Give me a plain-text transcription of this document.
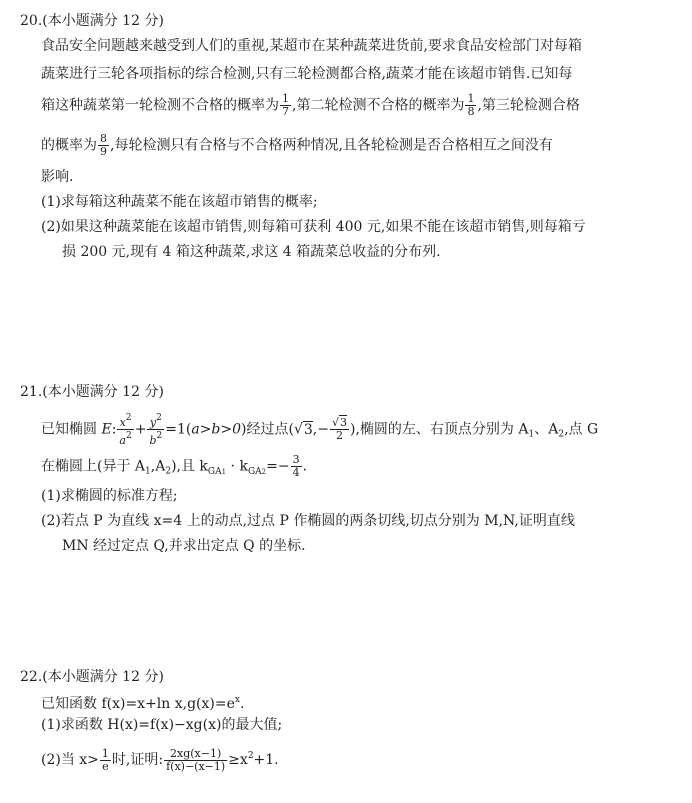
20.(本小题满分 12 分)
食品安全问题越来越受到人们的重视,某超市在某种蔬菜进货前,要求食品安检部门对每箱
蔬菜进行三轮各项指标的综合检测,只有三轮检测都合格,蔬菜才能在该超市销售.已知每
箱这种蔬菜第一轮检测不合格的概率为 $\frac{1}{7}$ ,第二轮检测不合格的概率为 $\frac{1}{8}$ ,第三轮检测合格
的概率为 $\frac{8}{9}$ ,每轮检测只有合格与不合格两种情况,且各轮检测是否合格相互之间没有
影响.
(1)求每箱这种蔬菜不能在该超市销售的概率;
(2)如果这种蔬菜能在该超市销售,则每箱可获利 400 元,如果不能在该超市销售,则每箱亏
损 200 元,现有 4 箱这种蔬菜,求这 4 箱蔬菜总收益的分布列.
21.(本小题满分 12 分)
已知椭圆 E: $\frac{x^2}{a^2} + \frac{y^2}{b^2} =1(a>b>0)$经过点($√3,- \frac{√3}{2}$ ),椭圆的左、右顶点分别为 $A_1$、$A_2$,点 G
在椭圆上(异于 $A_1,A_2$),且 $k_{GA1} \cdot k_{GA2}=- \frac{3}{4}$ .
(1)求椭圆的标准方程;
(2)若点 P 为直线 x=4 上的动点,过点 P 作椭圆的两条切线,切点分别为 M,N,证明直线
MN 经过定点 Q,并求出定点 Q 的坐标.
22.(本小题满分 12 分)
已知函数 f(x)=x+ln $x,g(x)=e^x$.
(1)求函数 H(x)=f(x)−xg(x)的最大值;
(2)当 $x> \frac{1}{e}$ 时,证明: $\frac{2xg(x-1)}{f(x)-(x-1)} \ge x^2+1$.
